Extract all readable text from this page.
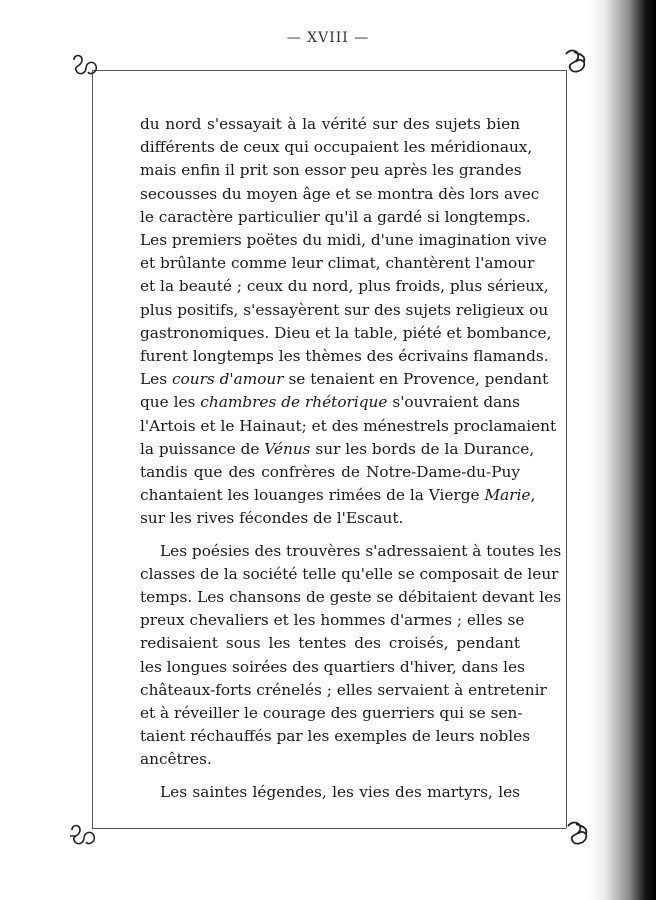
— XVIII —

du nord s'essayait à la vérité sur des sujets bien
différents de ceux qui occupaient les méridionaux,
mais enfin il prit son essor peu après les grandes
secousses du moyen âge et se montra dès lors avec
le caractère particulier qu'il a gardé si longtemps.
Les premiers poëtes du midi, d'une imagination vive
et brûlante comme leur climat, chantèrent l'amour
et la beauté ; ceux du nord, plus froids, plus sérieux,
plus positifs, s'essayèrent sur des sujets religieux ou
gastronomiques. Dieu et la table, piété et bombance,
furent longtemps les thèmes des écrivains flamands.
Les cours d'amour se tenaient en Provence, pendant
que les chambres de rhétorique s'ouvraient dans
l'Artois et le Hainaut; et des ménestrels proclamaient
la puissance de Vénus sur les bords de la Durance,
tandis que des confrères de Notre-Dame-du-Puy
chantaient les louanges rimées de la Vierge Marie,
sur les rives fécondes de l'Escaut.

Les poésies des trouvères s'adressaient à toutes les
classes de la société telle qu'elle se composait de leur
temps. Les chansons de geste se débitaient devant les
preux chevaliers et les hommes d'armes ; elles se
redisaient sous les tentes des croisés, pendant
les longues soirées des quartiers d'hiver, dans les
châteaux-forts crénelés ; elles servaient à entretenir
et à réveiller le courage des guerriers qui se sen-
taient réchauffés par les exemples de leurs nobles
ancêtres.

Les saintes légendes, les vies des martyrs, les
